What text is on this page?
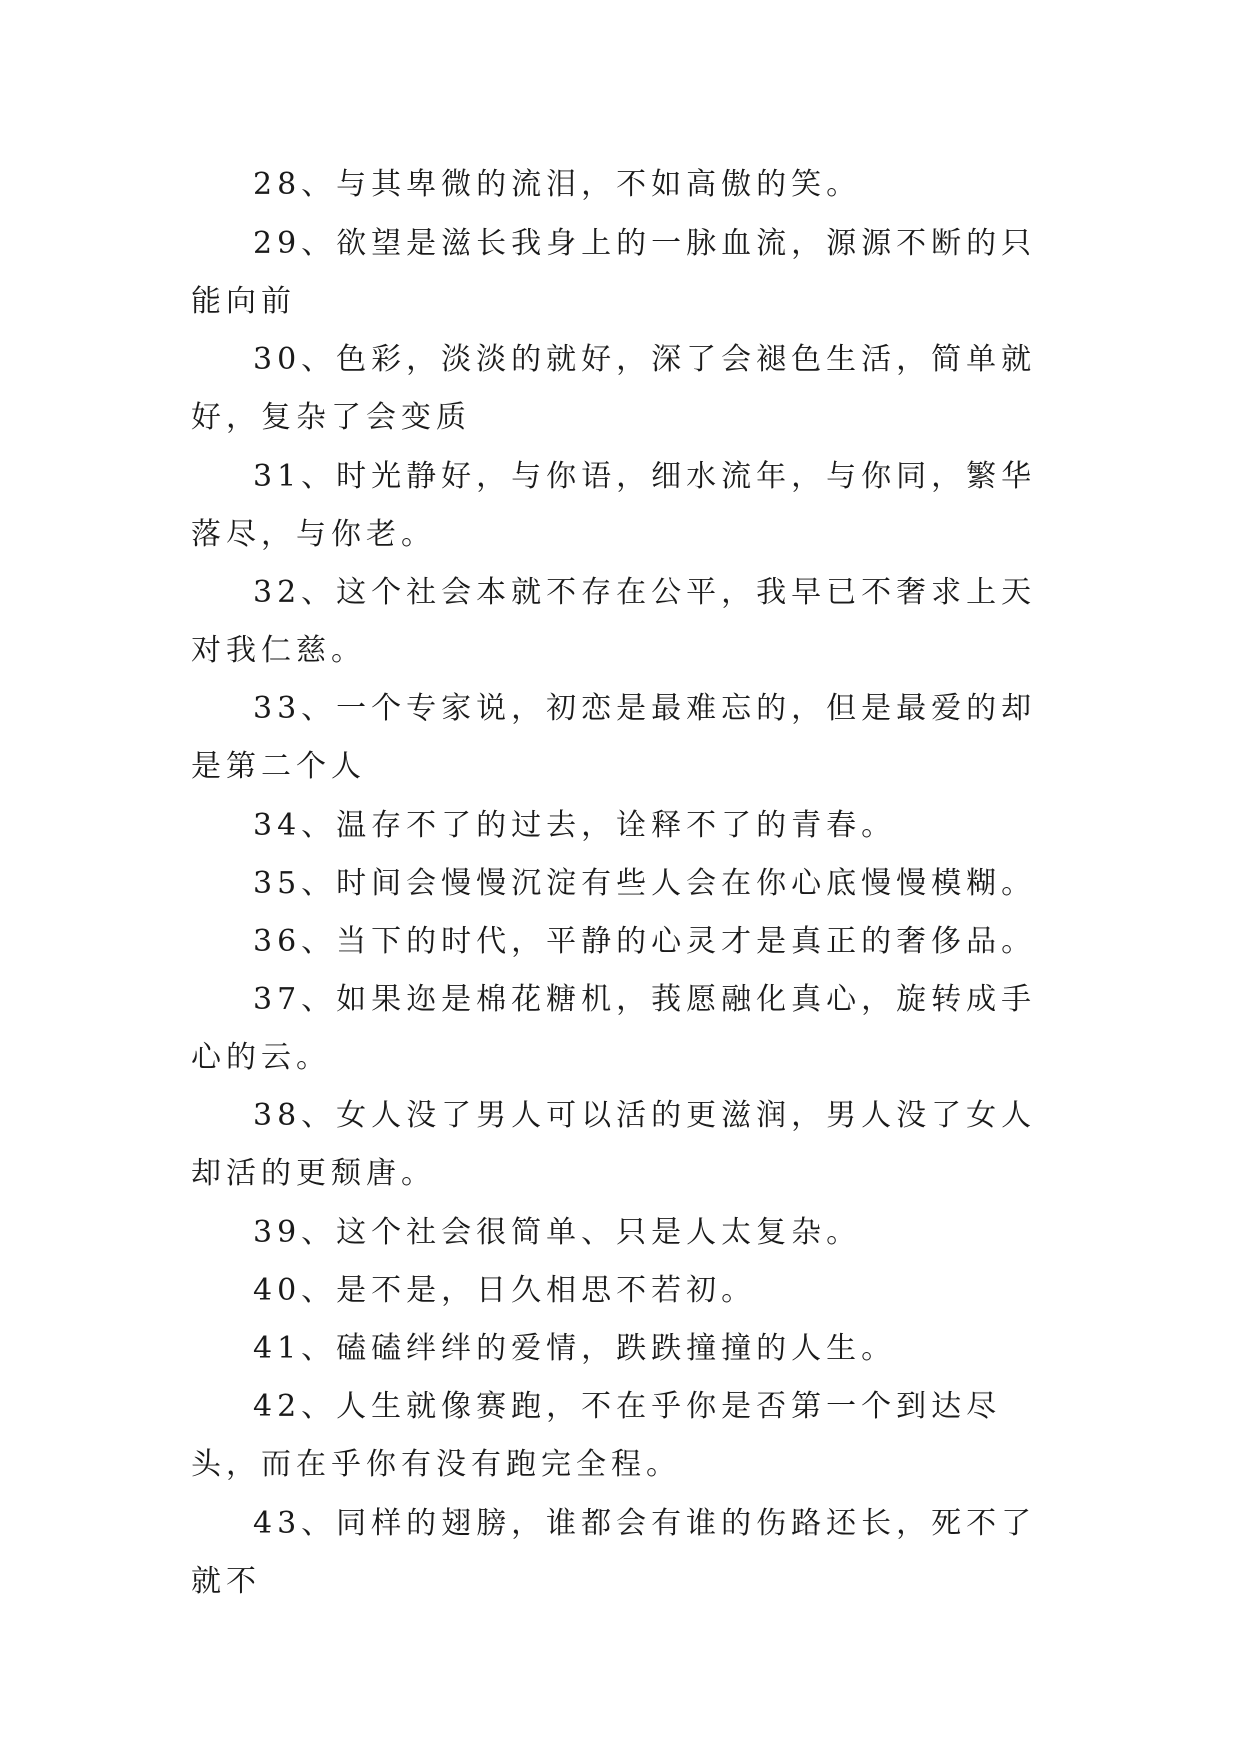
28、与其卑微的流泪，不如高傲的笑。

29、欲望是滋长我身上的一脉血流，源源不断的只能向前

30、色彩，淡淡的就好，深了会褪色生活，简单就好，复杂了会变质

31、时光静好，与你语，细水流年，与你同，繁华落尽，与你老。

32、这个社会本就不存在公平，我早已不奢求上天对我仁慈。

33、一个专家说，初恋是最难忘的，但是最爱的却是第二个人

34、温存不了的过去，诠释不了的青春。

35、时间会慢慢沉淀有些人会在你心底慢慢模糊。

36、当下的时代，平静的心灵才是真正的奢侈品。

37、如果迩是棉花糖机，莪愿融化真心，旋转成手心的云。

38、女人没了男人可以活的更滋润，男人没了女人却活的更颓唐。

39、这个社会很简单、只是人太复杂。

40、是不是，日久相思不若初。

41、磕磕绊绊的爱情，跌跌撞撞的人生。

42、人生就像赛跑，不在乎你是否第一个到达尽头，而在乎你有没有跑完全程。

43、同样的翅膀，谁都会有谁的伤路还长，死不了就不
